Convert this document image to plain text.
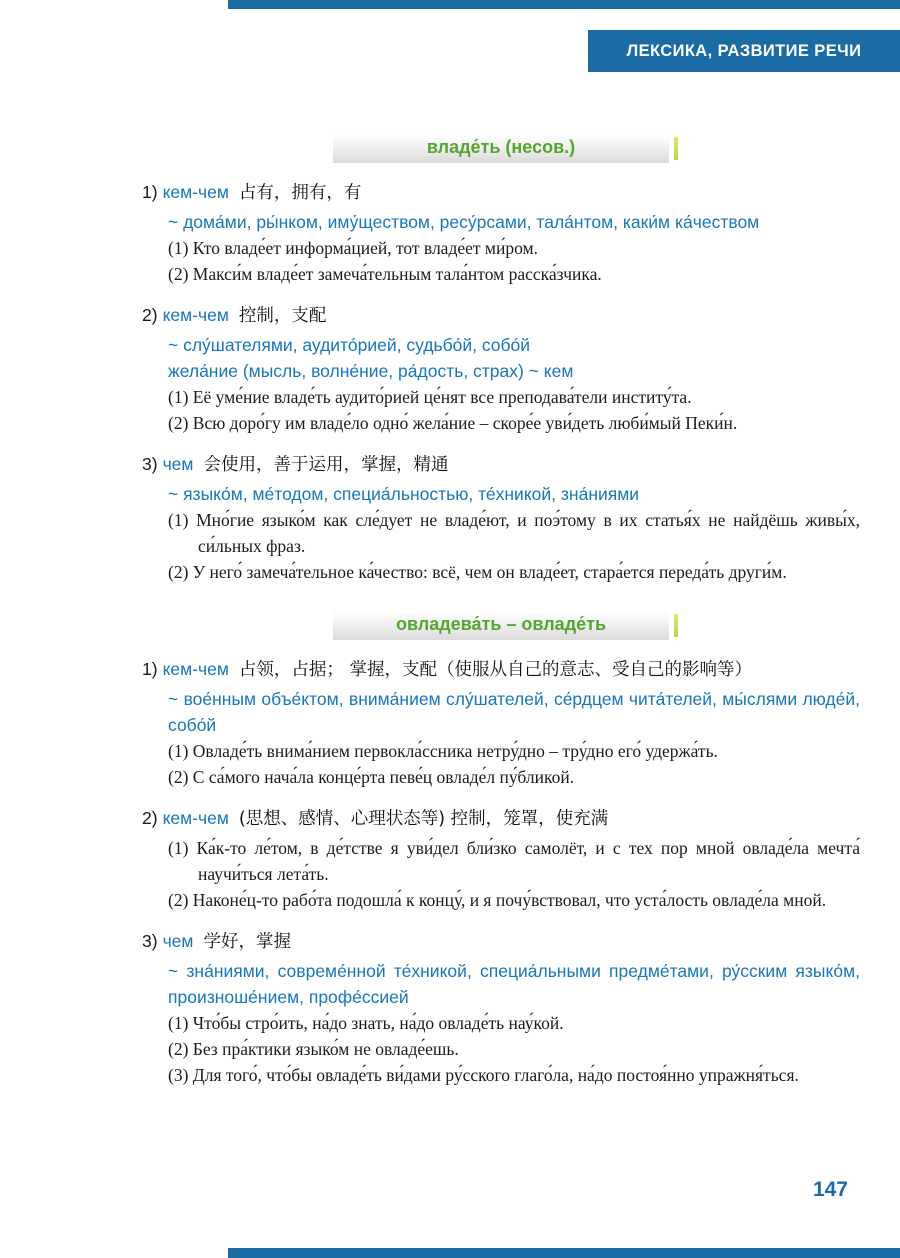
ЛЕКСИКА, РАЗВИТИЕ РЕЧИ
владе́ть (несов.)
1) кем-чем 占有，拥有，有
~ дома́ми, ры́нком, иму́ществом, ресу́рсами, тала́нтом, каки́м ка́чеством
(1) Кто владе́ет информа́цией, тот владе́ет ми́ром.
(2) Макси́м владе́ет замеча́тельным тала́нтом расска́зчика.
2) кем-чем 控制，支配
~ слу́шателями, аудито́рией, судьбо́й, собо́й
жела́ние (мысль, волне́ние, ра́дость, страх) ~ кем
(1) Её уме́ние владе́ть аудито́рией це́нят все преподава́тели институ́та.
(2) Всю доро́гу им владе́ло одно́ жела́ние – скоре́е уви́деть люби́мый Пеки́н.
3) чем 会使用，善于运用，掌握，精通
~ языко́м, ме́тодом, специа́льностью, те́хникой, зна́ниями
(1) Мно́гие языко́м как сле́дует не владе́ют, и поэ́тому в их статья́х не найдёшь живы́х, си́льных фраз.
(2) У него́ замеча́тельное ка́чество: всё, чем он владе́ет, стара́ется переда́ть други́м.
овладева́ть – овладе́ть
1) кем-чем 占领，占据； 掌握，支配（使服从自己的意志、受自己的影响等）
~ вое́нным объе́ктом, внима́нием слу́шателей, се́рдцем чита́телей, мы́слями люде́й, собо́й
(1) Овладе́ть внима́нием первокла́ссника нетру́дно – тру́дно его́ удержа́ть.
(2) С са́мого нача́ла конце́рта певе́ц овладе́л пу́бликой.
2) кем-чем (思想、感情、心理状态等) 控制，笼罩，使充满
(1) Ка́к-то ле́том, в де́тстве я уви́дел бли́зко самолёт, и с тех пор мной овладе́ла мечта́ научи́ться лета́ть.
(2) Наконе́ц-то рабо́та подошла́ к концу́, и я почу́вствовал, что уста́лость овладе́ла мной.
3) чем 学好，掌握
~ зна́ниями, совреме́нной те́хникой, специа́льными предме́тами, ру́сским языко́м, произноше́нием, профе́ссией
(1) Что́бы стро́ить, на́до знать, на́до овладе́ть нау́кой.
(2) Без пра́ктики языко́м не овладе́ешь.
(3) Для того́, что́бы овладе́ть ви́дами ру́сского глаго́ла, на́до постоя́нно упражня́ться.
147
